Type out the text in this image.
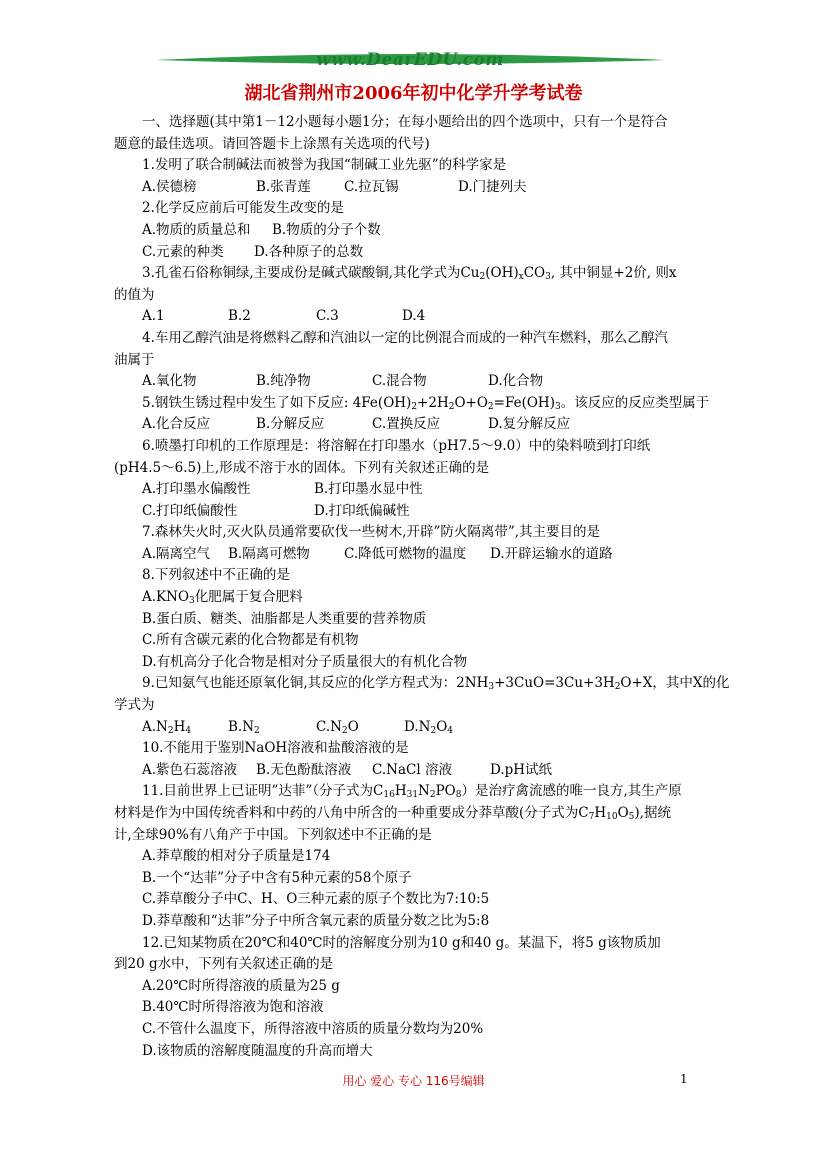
www.DearEDU.com
湖北省荆州市2006年初中化学升学考试卷
一、选择题(其中第1－12小题每小题1分；在每小题给出的四个选项中，只有一个是符合
题意的最佳选项。请回答题卡上涂黑有关选项的代号)
1.发明了联合制碱法而被誉为我国“制碱工业先驱”的科学家是
A.侯德榜	B.张青莲	C.拉瓦锡	D.门捷列夫
2.化学反应前后可能发生改变的是
A.物质的质量总和	B.物质的分子个数
C.元素的种类	D.各种原子的总数
3.孔雀石俗称铜绿,主要成份是碱式碳酸铜,其化学式为$Cu_2(OH)_xCO_3$, 其中铜显+2价, 则x
的值为
A.1	B.2	C.3	D.4
4.车用乙醇汽油是将燃料乙醇和汽油以一定的比例混合而成的一种汽车燃料，那么乙醇汽
油属于
A.氧化物	B.纯净物	C.混合物	D.化合物
5.钢铁生锈过程中发生了如下反应: $4Fe(OH)_2+2H_2O+O_2=Fe(OH)_3$。该反应的反应类型属于
A.化合反应	B.分解反应	C.置换反应	D.复分解反应
6.喷墨打印机的工作原理是：将溶解在打印墨水（pH7.5～9.0）中的染料喷到打印纸
(pH4.5～6.5)上,形成不溶于水的固体。下列有关叙述正确的是
A.打印墨水偏酸性	B.打印墨水显中性
C.打印纸偏酸性	D.打印纸偏碱性
7.森林失火时,灭火队员通常要砍伐一些树木,开辟”防火隔离带”,其主要目的是
A.隔离空气	B.隔离可燃物	C.降低可燃物的温度	D.开辟运输水的道路
8.下列叙述中不正确的是
$A.KNO_3$化肥属于复合肥料
B.蛋白质、糖类、油脂都是人类重要的营养物质
C.所有含碳元素的化合物都是有机物
D.有机高分子化合物是相对分子质量很大的有机化合物
9.已知氨气也能还原氧化铜,其反应的化学方程式为：$2NH_3+3CuO=3Cu+3H_2O+X$，其中X的化
学式为
$A.N_2H_4$	$B.N_2$	$C.N_2O$	$D.N_2O_4$
10.不能用于鉴别NaOH溶液和盐酸溶液的是
A.紫色石蕊溶液	B.无色酚酞溶液	C.NaCl 溶液	D.pH试纸
11.目前世界上已证明”达菲”（分子式为$C_{16}H_{31}N_2PO_8$）是治疗禽流感的唯一良方,其生产原
材料是作为中国传统香料和中药的八角中所含的一种重要成分莽草酸(分子式为$C_7H_{10}O_5$),据统
计,全球90%有八角产于中国。下列叙述中不正确的是
A.莽草酸的相对分子质量是174
B.一个“达菲”分子中含有5种元素的58个原子
C.莽草酸分子中C、H、O三种元素的原子个数比为7:10:5
D.莽草酸和“达菲”分子中所含氧元素的质量分数之比为5:8
12.已知某物质在20℃和40℃时的溶解度分别为10 g和40 g。某温下，将5 g该物质加
到20 g水中，下列有关叙述正确的是
A.20℃时所得溶液的质量为25 g
B.40℃时所得溶液为饱和溶液
C.不管什么温度下，所得溶液中溶质的质量分数均为20%
D.该物质的溶解度随温度的升高而增大
用心 爱心 专心 116号编辑	1
